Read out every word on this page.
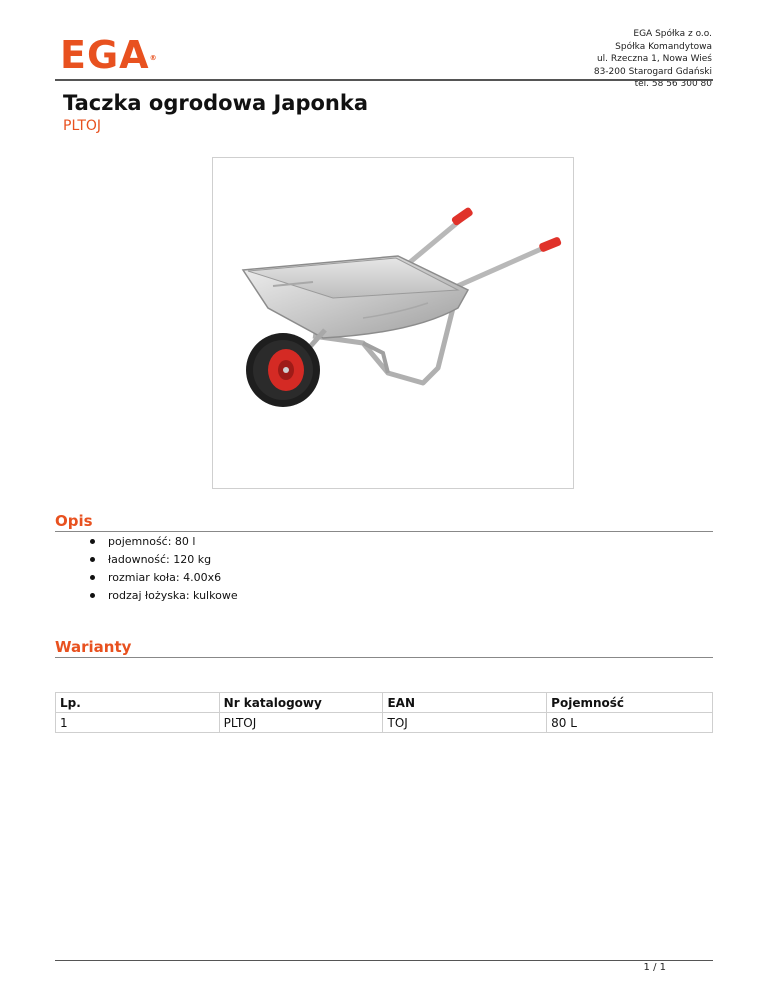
EGA®
EGA Spółka z o.o.
Spółka Komandytowa
ul. Rzeczna 1, Nowa Wieś
83-200 Starogard Gdański
tel. 58 56 300 80
Taczka ogrodowa Japonka
PLTOJ
Opis
pojemność: 80 l
ładowność: 120 kg
rozmiar koła: 4.00x6
rodzaj łożyska: kulkowe
Warianty
Lp.	Nr katalogowy	EAN	Pojemność
1	PLTOJ	TOJ	80 L
1 / 1
